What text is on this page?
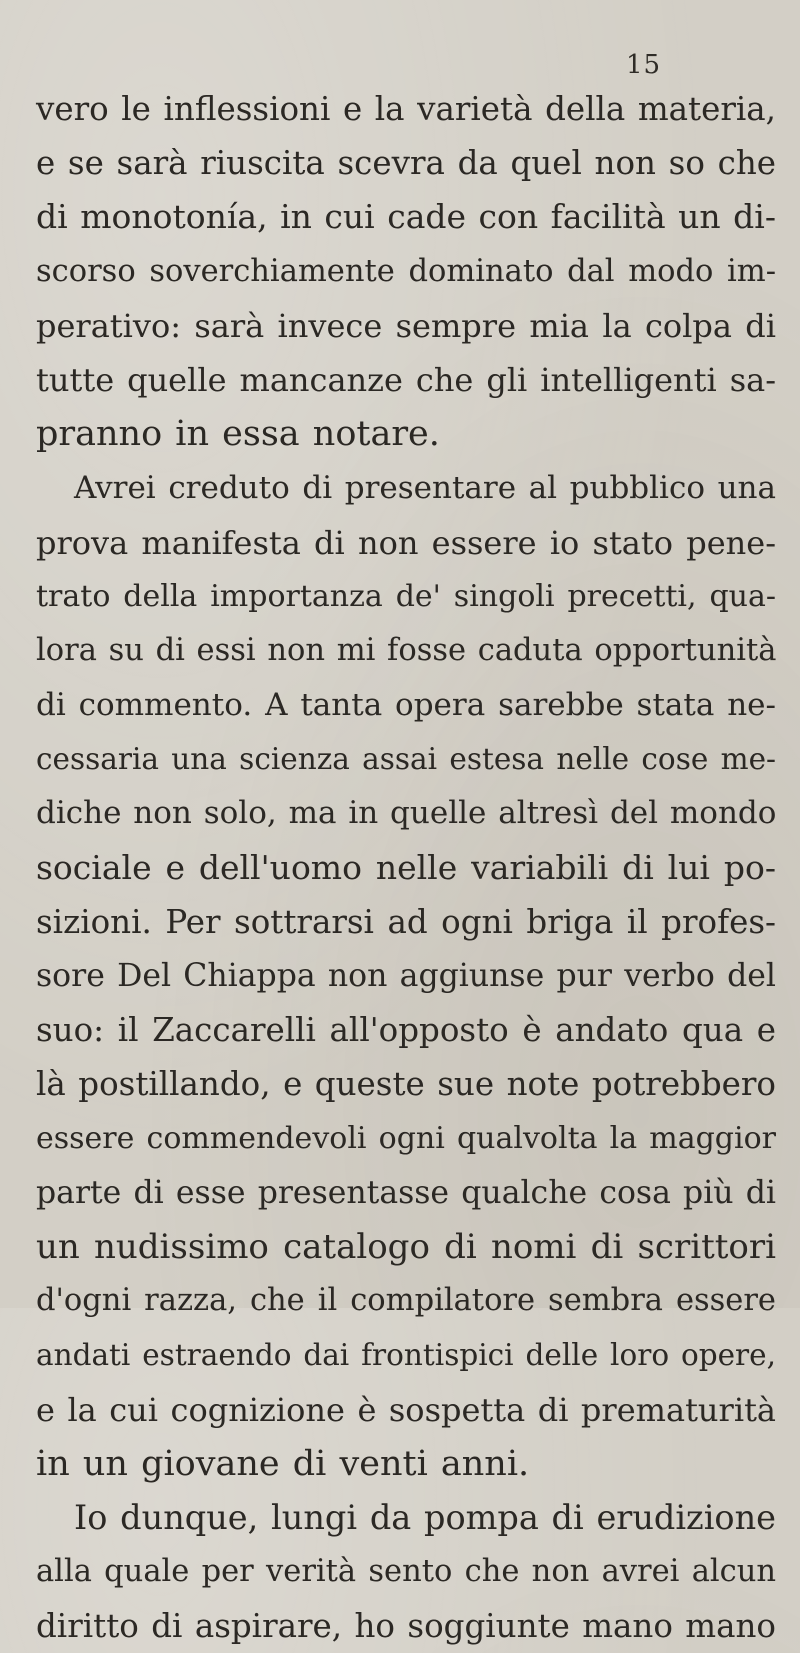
15
vero le inflessioni e la varietà della materia,
e se sarà riuscita scevra da quel non so che
di monotonía, in cui cade con facilità un di-
scorso soverchiamente dominato dal modo im-
perativo: sarà invece sempre mia la colpa di
tutte quelle mancanze che gli intelligenti sa-
pranno in essa notare.
Avrei creduto di presentare al pubblico una
prova manifesta di non essere io stato pene-
trato della importanza de' singoli precetti, qua-
lora su di essi non mi fosse caduta opportunità
di commento. A tanta opera sarebbe stata ne-
cessaria una scienza assai estesa nelle cose me-
diche non solo, ma in quelle altresì del mondo
sociale e dell'uomo nelle variabili di lui po-
sizioni. Per sottrarsi ad ogni briga il profes-
sore Del Chiappa non aggiunse pur verbo del
suo: il Zaccarelli all'opposto è andato qua e
là postillando, e queste sue note potrebbero
essere commendevoli ogni qualvolta la maggior
parte di esse presentasse qualche cosa più di
un nudissimo catalogo di nomi di scrittori
d'ogni razza, che il compilatore sembra essere
andati estraendo dai frontispici delle loro opere,
e la cui cognizione è sospetta di prematurità
in un giovane di venti anni.
Io dunque, lungi da pompa di erudizione
alla quale per verità sento che non avrei alcun
diritto di aspirare, ho soggiunte mano mano
